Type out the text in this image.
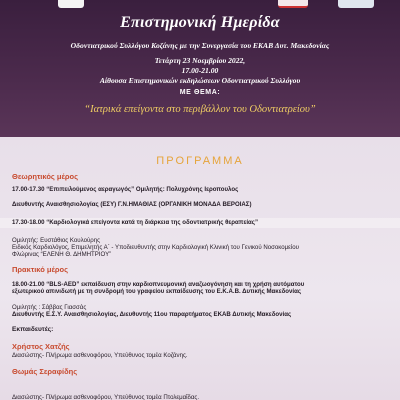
Επιστημονική Ημερίδα
Οδοντιατρικού Συλλόγου Κοζάνης με την Συνεργασία του ΕΚΑΒ Δυτ. Μακεδονίας
Τετάρτη 23 Νοεμβρίου 2022,
17.00-21.00
Αίθουσα Επιστημονικών εκδηλώσεων Οδοντιατρικού Συλλόγου
ΜΕ ΘΕΜΑ:
“Ιατρικά επείγοντα στο περιβάλλον του Οδοντιατρείου”
ΠΡΟΓΡΑΜΜΑ
Θεωρητικός μέρος
17.00-17.30 “Επιπειλούμενος αεραγωγός” Ομιλητής: Πολυχρόνης Ιεροπουλος
Διευθυντής Αναισθησιολογίας (ΕΣΥ) Γ.Ν.ΗΜΑΘΙΑΣ (ΟΡΓΑΝΙΚΗ ΜΟΝΑΔΑ ΒΕΡΟΙΑΣ)
17.30-18.00 “Καρδιολογικά επείγοντα κατά τη διάρκεια της οδοντιατρικής θεραπείας”
Ομιλητής: Ευστάθιος Κουλούρης
Ειδικός Καρδιολόγος, Επιμελητής Α΄ - Υποδιευθυντής στην Καρδιολογική Κλινική του Γενικού Νοσοκομείου
Φλώρινας “ΕΛΕΝΗ Θ. ΔΗΜΗΤΡΙΟΥ”
Πρακτικό μέρος
18.00-21.00 “BLS-AED” εκπαίδευση στην καρδιοπνευμονική αναζωογόνηση και τη χρήση αυτόματου
εξωτερικού απινιδωτή με τη συνδρομή του γραφείου εκπαίδευσης του Ε.Κ.Α.Β. Δυτικής Μακεδονίας
Ομιλητής : Σάββας Γιασσάς
Διευθυντής Ε.Σ.Υ. Αναισθησιολογίας, Διευθυντής 11ου παραρτήματος ΕΚΑΒ Δυτικής Μακεδονίας
Εκπαιδευτές:
Χρήστος Χατζής
Διασώστης- Πλήρωμα ασθενοφόρου, Υπεύθυνος τομέα Κοζάνης.
Θωμάς Σεραφίδης
Διασώστης- Πλήρωμα ασθενοφόρου, Υπεύθυνος τομέα Πτολεμαΐδας.
